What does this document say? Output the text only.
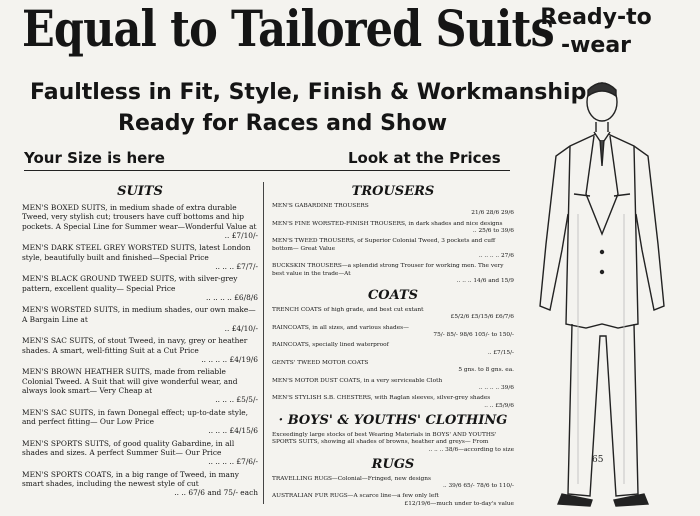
Equal to Tailored Suits
Ready-to
-wear
Faultless in Fit, Style, Finish & Workmanship
Ready for Races and Show
Your Size is here	Look at the Prices
SUITS
MEN'S BOXED SUITS, in medium shade of extra durable Tweed, very stylish cut; trousers have cuff bottoms and hip pockets. A Special Line for Summer wear—Wonderful Value at
.. £7/10/-
MEN'S DARK STEEL GREY WORSTED SUITS, latest London style, beautifully built and finished—Special Price
.. .. .. £7/7/-
MEN'S BLACK GROUND TWEED SUITS, with silver-grey pattern, excellent quality— Special Price
.. .. .. .. £6/8/6
MEN'S WORSTED SUITS, in medium shades, our own make—A Bargain Line at
.. £4/10/-
MEN'S SAC SUITS, of stout Tweed, in navy, grey or heather shades. A smart, well-fitting Suit at a Cut Price
.. .. .. .. £4/19/6
MEN'S BROWN HEATHER SUITS, made from reliable Colonial Tweed. A Suit that will give wonderful wear, and always look smart— Very Cheap at
.. .. .. £5/5/-
MEN'S SAC SUITS, in fawn Donegal effect; up-to-date style, and perfect fitting— Our Low Price
.. .. .. £4/15/6
MEN'S SPORTS SUITS, of good quality Gabardine, in all shades and sizes. A perfect Summer Suit— Our Price
.. .. .. .. £7/6/-
MEN'S SPORTS COATS, in a big range of Tweed, in many smart shades, including the newest style of cut
.. .. 67/6 and 75/- each
TROUSERS
MEN'S GABARDINE TROUSERS
21/6 28/6 29/6
MEN'S FINE WORSTED-FINISH TROUSERS, in dark shades and nice designs
.. 25/6 to 39/6
MEN'S TWEED TROUSERS, of Superior Colonial Tweed, 3 pockets and cuff bottom— Great Value
.. .. .. .. 27/6
BUCKSKIN TROUSERS—a splendid strong Trouser for working men. The very best value in the trade—At
.. .. .. 14/6 and 15/9
COATS
TRENCH COATS of high grade, and best cut extant
£5/2/6 £5/15/6 £6/7/6
RAINCOATS, in all sizes, and various shades—
75/- 85/- 98/6 105/- to 150/-
RAINCOATS, specially lined waterproof
.. £7/15/-
GENTS' TWEED MOTOR COATS
5 gns. to 8 gns. ea.
MEN'S MOTOR DUST COATS, in a very serviceable Cloth
.. .. .. .. 39/6
MEN'S STYLISH S.B. CHESTERS, with Raglan sleeves, silver-grey shades
.. .. £5/9/6
· BOYS' & YOUTHS' CLOTHING
Exceedingly large stocks of best Wearing Materials in BOYS' AND YOUTHS' SPORTS SUITS, showing all shades of browns, heather and greys— From
.. .. .. 38/6—according to size
RUGS
TRAVELLING RUGS—Colonial—Fringed, new designs
.. 39/6 65/- 78/6 to 110/-
AUSTRALIAN FUR RUGS—A scarce line—a few only left
£12/19/6—much under to-day's value
65
